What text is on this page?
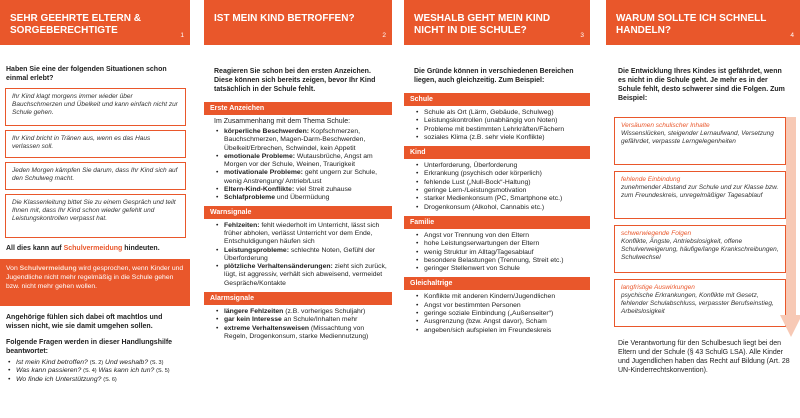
SEHR GEEHRTE ELTERN & SORGEBERECHTIGTE	1
Haben Sie eine der folgenden Situationen schon einmal erlebt?
Ihr Kind klagt morgens immer wieder über Bauchschmerzen und Übelkeit und kann einfach nicht zur Schule gehen.
Ihr Kind bricht in Tränen aus, wenn es das Haus verlassen soll.
Jeden Morgen kämpfen Sie darum, dass Ihr Kind sich auf den Schulweg macht.
Die Klassenleitung bittet Sie zu einem Gespräch und teilt Ihnen mit, dass Ihr Kind schon wieder gefehlt und Leistungskontrollen verpasst hat.

All dies kann auf Schulvermeidung hindeuten.

Von Schulvermeidung wird gesprochen, wenn Kinder und Jugendliche nicht mehr regelmäßig in die Schule gehen bzw. nicht mehr gehen wollen.

Angehörige fühlen sich dabei oft machtlos und wissen nicht, wie sie damit umgehen sollen.

Folgende Fragen werden in dieser Handlungshilfe beantwortet:

• Ist mein Kind betroffen? (S. 2) Und weshalb? (S. 3)
• Was kann passieren? (S. 4) Was kann ich tun? (S. 5)
• Wo finde ich Unterstützung? (S. 6)
IST MEIN KIND BETROFFEN?
2
Reagieren Sie schon bei den ersten Anzeichen. Diese können sich bereits zeigen, bevor Ihr Kind tatsächlich in der Schule fehlt.
Erste Anzeichen

Im Zusammenhang mit dem Thema Schule:

• körperliche Beschwerden: Kopfschmerzen, Bauchschmerzen, Magen-Darm-Beschwerden, Übelkeit/Erbrechen, Schwindel, kein Appetit
• emotionale Probleme: Wutausbrüche, Angst am Morgen vor der Schule, Weinen, Traurigkeit
• motivationale Probleme: geht ungern zur Schule, wenig Anstrengung/ Antrieb/Lust
• Eltern-Kind-Konflikte: viel Streit zuhause
• Schlafprobleme und Übermüdung
Warnsignale
• Fehlzeiten: fehlt wiederholt im Unterricht, lässt sich früher abholen, verlässt Unterricht vor dem Ende, Entschuldigungen häufen sich
• Leistungsprobleme: schlechte Noten, Gefühl der Überforderung
• plötzliche Verhaltensänderungen: zieht sich zurück, lügt, ist aggressiv, verhält sich abweisend, vermeidet Gespräche/Kontakte
Alarmsignale
• längere Fehlzeiten (z.B. vorheriges Schuljahr)
• gar kein Interesse an Schule/Inhalten mehr
• extreme Verhaltensweisen (Missachtung von Regeln, Drogenkonsum, starke Mediennutzung)
WESHALB GEHT MEIN KIND NICHT IN DIE SCHULE?	3
Die Gründe können in verschiedenen Bereichen liegen, auch gleichzeitig. Zum Beispiel:
Schule
• Schule als Ort (Lärm, Gebäude, Schulweg)
• Leistungskontrollen (unabhängig von Noten)
• Probleme mit bestimmten Lehrkräften/Fächern
• soziales Klima (z.B. sehr viele Konflikte)
Kind
• Unterforderung, Überforderung
• Erkrankung (psychisch oder körperlich)
• fehlende Lust („Null-Bock“-Haltung)
• geringe Lern-/Leistungsmotivation
• starker Medienkonsum (PC, Smartphone etc.)
• Drogenkonsum (Alkohol, Cannabis etc.)
Familie
• Angst vor Trennung von den Eltern
• hohe Leistungserwartungen der Eltern
• wenig Struktur im Alltag/Tagesablauf
• besondere Belastungen (Trennung, Streit etc.)
• geringer Stellenwert von Schule
Gleichaltrige
• Konflikte mit anderen Kindern/Jugendlichen
• Angst vor bestimmten Personen
• geringe soziale Einbindung („Außenseiter“)
• Ausgrenzung (bzw. Angst davor), Scham
• angeben/sich aufspielen im Freundeskreis
WARUM SOLLTE ICH SCHNELL HANDELN?	4
Die Entwicklung Ihres Kindes ist gefährdet, wenn es nicht in die Schule geht. Je mehr es in der Schule fehlt, desto schwerer sind die Folgen. Zum Beispiel:
Versäumen schulischer Inhalte
Wissenslücken, steigender Lernaufwand, Versetzung gefährdet, verpasste Lerngelegenheiten
fehlende Einbindung
zunehmender Abstand zur Schule und zur Klasse bzw. zum Freundeskreis, unregelmäßiger Tagesablauf
schwerwiegende Folgen
Konflikte, Ängste, Antriebslosigkeit, offene Schulverweigerung, häufige/lange Krankschreibungen, Schulwechsel
langfristige Auswirkungen
psychische Erkrankungen, Konflikte mit Gesetz, fehlender Schulabschluss, verpasster Berufseinstieg, Arbeitslosigkeit

Die Verantwortung für den Schulbesuch liegt bei den Eltern und der Schule (§ 43 SchulG LSA). Alle Kinder und Jugendlichen haben das Recht auf Bildung (Art. 28 UN-Kinderrechtskonvention).
